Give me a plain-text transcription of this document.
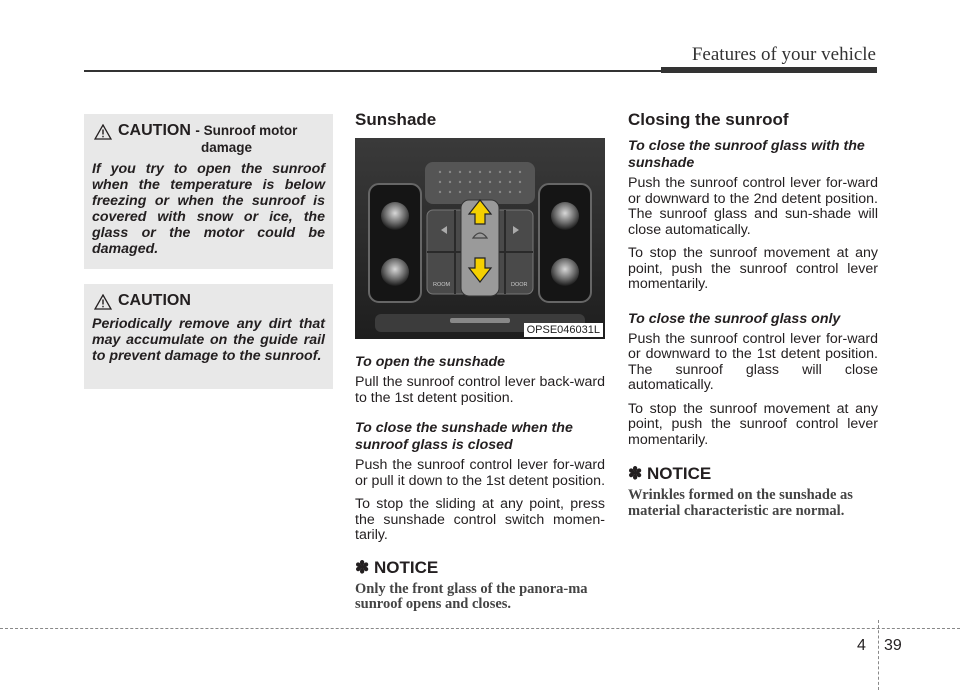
Features of your vehicle
CAUTION - Sunroof motor
damage
If you try to open the sunroof when the temperature is below freezing or when the sunroof is covered with snow or ice, the glass or the motor could be damaged.
CAUTION
Periodically remove any dirt that may accumulate on the guide rail to prevent damage to the sunroof.
Sunshade
ROOM	DOOR
OPSE046031L
To open the sunshade

Pull the sunroof control lever back-ward to the 1st detent position.

To close the sunshade when the sunroof glass is closed

Push the sunroof control lever for-ward or pull it down to the 1st detent position.

To stop the sliding at any point, press the sunshade control switch momen-tarily.

✽ NOTICE
Only the front glass of the panora-ma sunroof opens and closes.
Closing the sunroof
To close the sunroof glass with the sunshade

Push the sunroof control lever for-ward or downward to the 2nd detent position. The sunroof glass and sun-shade will close automatically.

To stop the sunroof movement at any point, push the sunroof control lever momentarily.

To close the sunroof glass only

Push the sunroof control lever for-ward or downward to the 1st detent position. The sunroof glass will close automatically.

To stop the sunroof movement at any point, push the sunroof control lever momentarily.

✽ NOTICE
Wrinkles formed on the sunshade as material characteristic are normal.
4 39
